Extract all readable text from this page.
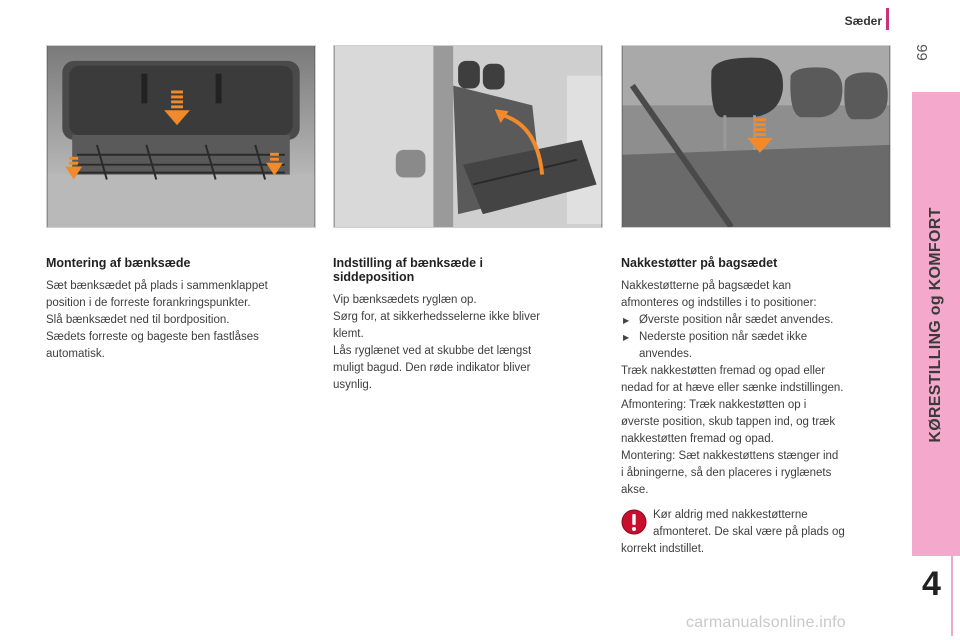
Sæder
99
KØRESTILLING og KOMFORT
4
Montering af bænksæde

Sæt bænksædet på plads i sammenklappet

position i de forreste forankringspunkter.

Slå bænksædet ned til bordposition.

Sædets forreste og bageste ben fastlåses

automatisk.

Indstilling af bænksæde i
siddeposition

Vip bænksædets ryglæn op.

Sørg for, at sikkerhedsselerne ikke bliver

klemt.

Lås ryglænet ved at skubbe det længst

muligt bagud. Den røde indikator bliver

usynlig.

Nakkestøtter på bagsædet

Nakkestøtterne på bagsædet kan

afmonteres og indstilles i to positioner:

▶ Øverste position når sædet anvendes.
▶ Nederste position når sædet ikke
anvendes.

Træk nakkestøtten fremad og opad eller

nedad for at hæve eller sænke indstillingen.

Afmontering: Træk nakkestøtten op i

øverste position, skub tappen ind, og træk

nakkestøtten fremad og opad.

Montering: Sæt nakkestøttens stænger ind

i åbningerne, så den placeres i ryglænets

akse.

Kør aldrig med nakkestøtterne
afmonteret. De skal være på plads og
korrekt indstillet.
carmanualsonline.info
